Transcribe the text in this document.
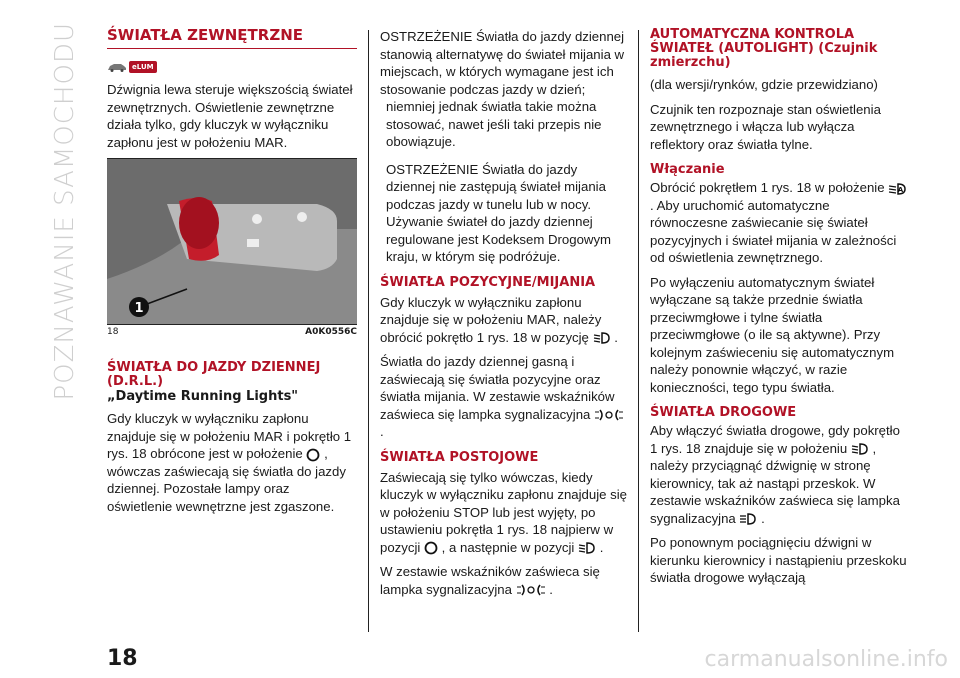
POZNAWANIE SAMOCHODU ŚWIATŁA ZEWNĘTRZNE
eLUM

Dźwignia lewa steruje większością świateł zewnętrznych. Oświetlenie zewnętrzne działa tylko, gdy kluczyk w wyłączniku zapłonu jest w położeniu MAR.

1
18	A0K0556C
ŚWIATŁA DO JAZDY DZIENNEJ (D.R.L.)
„Daytime Running Lights"

Gdy kluczyk w wyłączniku zapłonu znajduje się w położeniu MAR i pokrętło 1 rys. 18 obrócone jest w położenie , wówczas zaświecają się światła do jazdy dziennej. Pozostałe lampy oraz oświetlenie wewnętrzne jest zgaszone.

OSTRZEŻENIE Światła do jazdy dziennej stanowią alternatywę do świateł mijania w miejscach, w których wymagane jest ich stosowanie podczas jazdy w dzień;

niemniej jednak światła takie można stosować, nawet jeśli taki przepis nie obowiązuje.

OSTRZEŻENIE Światła do jazdy dziennej nie zastępują świateł mijania podczas jazdy w tunelu lub w nocy. Używanie świateł do jazdy dziennej regulowane jest Kodeksem Drogowym kraju, w którym się podróżuje.

ŚWIATŁA POZYCYJNE/MIJANIA

Gdy kluczyk w wyłączniku zapłonu znajduje się w położeniu MAR, należy obrócić pokrętło 1 rys. 18 w pozycję .

Światła do jazdy dziennej gasną i zaświecają się światła pozycyjne oraz światła mijania. W zestawie wskaźników zaświeca się lampka sygnalizacyjna  .

ŚWIATŁA POSTOJOWE

Zaświecają się tylko wówczas, kiedy kluczyk w wyłączniku zapłonu znajduje się w położeniu STOP lub jest wyjęty, po ustawieniu pokrętła 1 rys. 18 najpierw w pozycji , a następnie w pozycji .

W zestawie wskaźników zaświeca się lampka sygnalizacyjna	.

AUTOMATYCZNA KONTROLA ŚWIATEŁ (AUTOLIGHT) (Czujnik zmierzchu)

(dla wersji/rynków, gdzie przewidziano)

Czujnik ten rozpoznaje stan oświetlenia zewnętrznego i włącza lub wyłącza reflektory oraz światła tylne.

Włączanie

Obrócić pokrętłem 1 rys. 18 w położenie A
. Aby uruchomić automatyczne równoczesne zaświecanie się świateł pozycyjnych i świateł mijania w zależności od oświetlenia zewnętrznego.

Po wyłączeniu automatycznym świateł wyłączane są także przednie światła przeciwmgłowe i tylne światła przeciwmgłowe (o ile są aktywne). Przy kolejnym zaświeceniu się automatycznym należy ponownie włączyć, w razie konieczności, tego typu światła.

ŚWIATŁA DROGOWE

Aby włączyć światła drogowe, gdy pokrętło 1 rys. 18 znajduje się w położeniu , należy przyciągnąć dźwignię w stronę kierownicy, tak aż nastąpi przeskok. W zestawie wskaźników zaświeca się lampka sygnalizacyjna .

Po ponownym pociągnięciu dźwigni w kierunku kierownicy i nastąpieniu przeskoku światła drogowe wyłączają

18	carmanualsonline.info
